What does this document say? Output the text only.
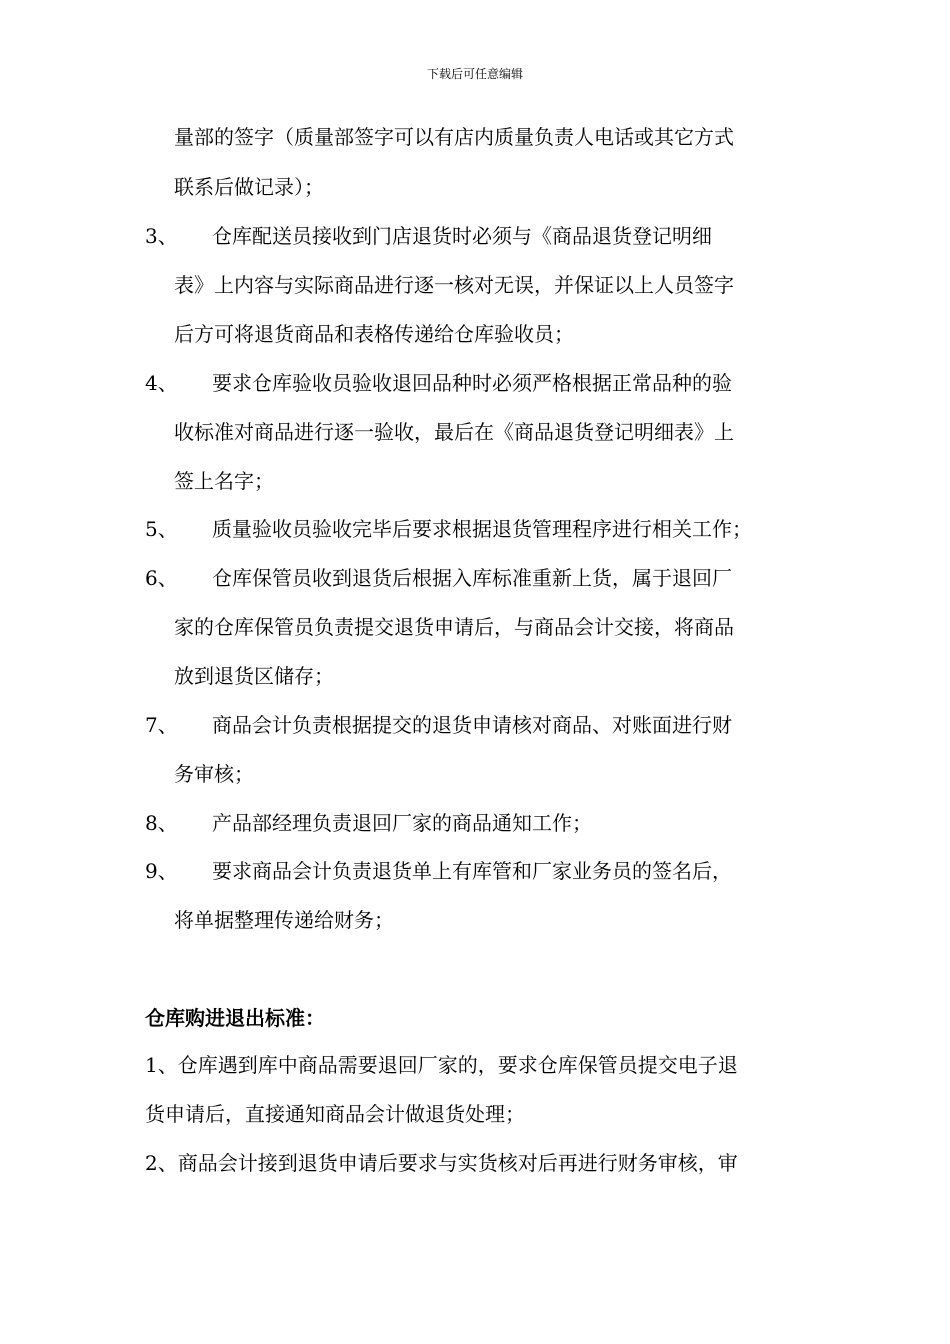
下载后可任意编辑
量部的签字（质量部签字可以有店内质量负责人电话或其它方式
联系后做记录）；
3、 仓库配送员接收到门店退货时必须与《商品退货登记明细
表》上内容与实际商品进行逐一核对无误，并保证以上人员签字
后方可将退货商品和表格传递给仓库验收员；
4、 要求仓库验收员验收退回品种时必须严格根据正常品种的验
收标准对商品进行逐一验收，最后在《商品退货登记明细表》上
签上名字；
5、 质量验收员验收完毕后要求根据退货管理程序进行相关工作；
6、 仓库保管员收到退货后根据入库标准重新上货，属于退回厂
家的仓库保管员负责提交退货申请后，与商品会计交接，将商品
放到退货区储存；
7、 商品会计负责根据提交的退货申请核对商品、对账面进行财
务审核；
8、 产品部经理负责退回厂家的商品通知工作；
9、 要求商品会计负责退货单上有库管和厂家业务员的签名后，
将单据整理传递给财务；
仓库购进退出标准：
1、仓库遇到库中商品需要退回厂家的，要求仓库保管员提交电子退
货申请后，直接通知商品会计做退货处理；
2、商品会计接到退货申请后要求与实货核对后再进行财务审核，审
